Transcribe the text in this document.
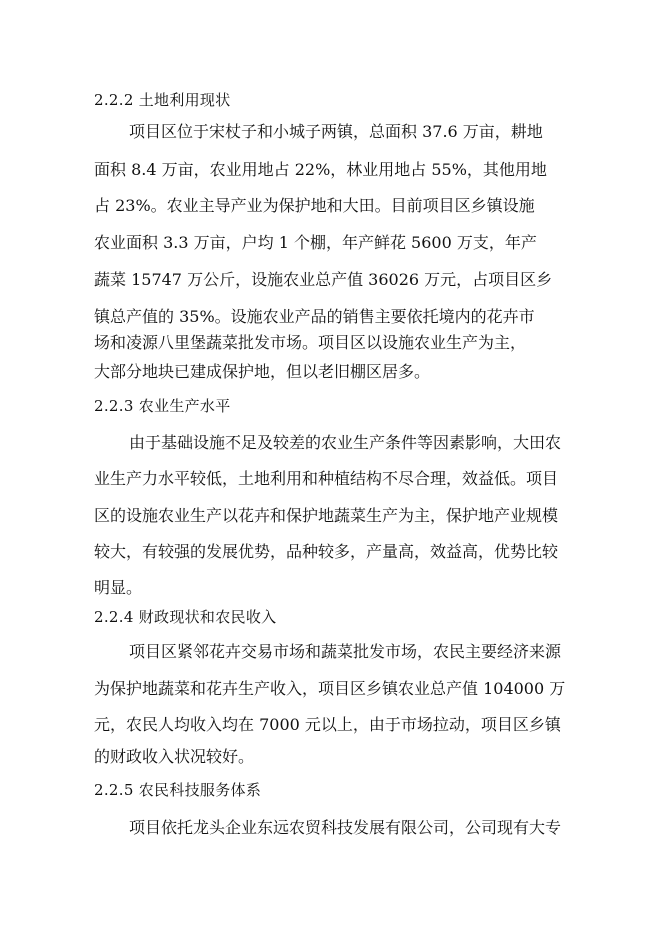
2.2.2 土地利用现状
项目区位于宋杖子和小城子两镇，总面积 37.6 万亩，耕地
面积 8.4 万亩，农业用地占 22%，林业用地占 55%，其他用地
占 23%。农业主导产业为保护地和大田。目前项目区乡镇设施
农业面积 3.3 万亩，户均 1 个棚，年产鲜花 5600 万支，年产
蔬菜 15747 万公斤，设施农业总产值 36026 万元，占项目区乡
镇总产值的 35%。设施农业产品的销售主要依托境内的花卉市
场和凌源八里堡蔬菜批发市场。项目区以设施农业生产为主，
大部分地块已建成保护地，但以老旧棚区居多。
2.2.3 农业生产水平
由于基础设施不足及较差的农业生产条件等因素影响，大田农
业生产力水平较低，土地利用和种植结构不尽合理，效益低。项目
区的设施农业生产以花卉和保护地蔬菜生产为主，保护地产业规模
较大，有较强的发展优势，品种较多，产量高，效益高，优势比较
明显。
2.2.4 财政现状和农民收入
项目区紧邻花卉交易市场和蔬菜批发市场，农民主要经济来源
为保护地蔬菜和花卉生产收入，项目区乡镇农业总产值 104000 万
元，农民人均收入均在 7000 元以上，由于市场拉动，项目区乡镇
的财政收入状况较好。
2.2.5 农民科技服务体系
项目依托龙头企业东远农贸科技发展有限公司，公司现有大专
